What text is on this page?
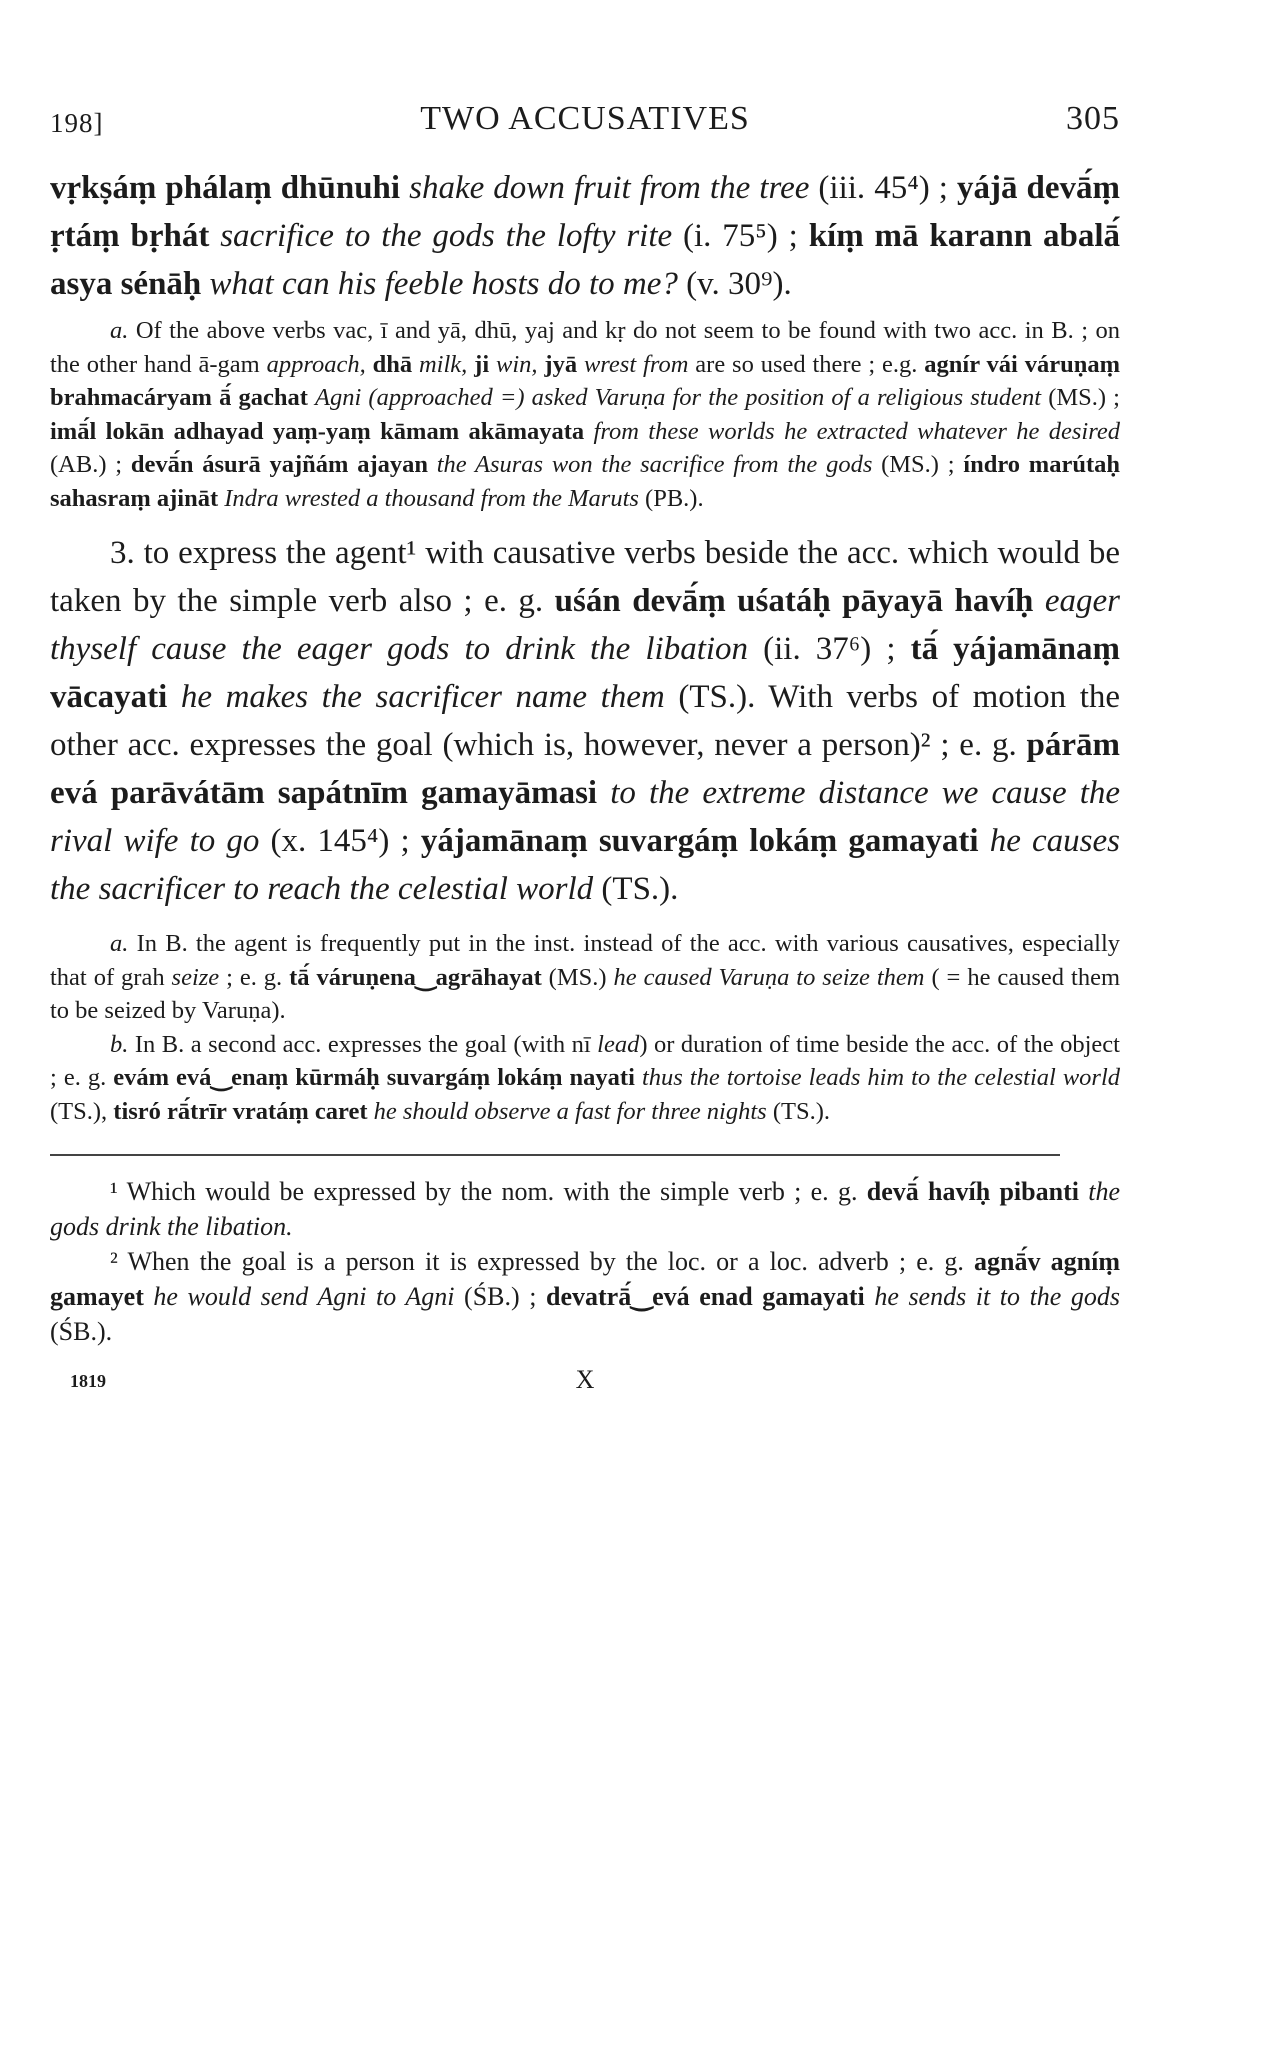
198]	TWO ACCUSATIVES	305

vṛkṣáṃ phálaṃ dhūnuhi shake down fruit from the tree (iii. 45⁴) ; yájā devā́ṃ ṛtáṃ bṛhát sacrifice to the gods the lofty rite (i. 75⁵) ; kíṃ mā karann abalā́ asya sénāḥ what can his feeble hosts do to me? (v. 30⁹).

a. Of the above verbs vac, ī and yā, dhū, yaj and kṛ do not seem to be found with two acc. in B. ; on the other hand ā-gam approach, dhā milk, ji win, jyā wrest from are so used there ; e.g. agnír vái váruṇaṃ brahmacáryam ā́ gachat Agni (approached =) asked Varuṇa for the position of a religious student (MS.) ; imā́l lokān adhayad yaṃ-yaṃ kāmam akāmayata from these worlds he extracted whatever he desired (AB.) ; devā́n ásurā yajñám ajayan the Asuras won the sacrifice from the gods (MS.) ; índro marútaḥ sahasraṃ ajināt Indra wrested a thousand from the Maruts (PB.).

3. to express the agent¹ with causative verbs beside the acc. which would be taken by the simple verb also ; e. g. uśán devā́ṃ uśatáḥ pāyayā havíḥ eager thyself cause the eager gods to drink the libation (ii. 37⁶) ; tā́ yájamānaṃ vācayati he makes the sacrificer name them (TS.). With verbs of motion the other acc. expresses the goal (which is, however, never a person)² ; e. g. párām evá parāvátām sapátnīm gamayāmasi to the extreme distance we cause the rival wife to go (x. 145⁴) ; yájamānaṃ suvargáṃ lokáṃ gamayati he causes the sacrificer to reach the celestial world (TS.).

a. In B. the agent is frequently put in the inst. instead of the acc. with various causatives, especially that of grah seize ; e. g. tā́ váruṇena‿agrāhayat (MS.) he caused Varuṇa to seize them ( = he caused them to be seized by Varuṇa).

b. In B. a second acc. expresses the goal (with nī lead) or duration of time beside the acc. of the object ; e. g. evám evá‿enaṃ kūrmáḥ suvargáṃ lokáṃ nayati thus the tortoise leads him to the celestial world (TS.), tisró rā́trīr vratáṃ caret he should observe a fast for three nights (TS.).

¹ Which would be expressed by the nom. with the simple verb ; e. g. devā́ havíḥ pibanti the gods drink the libation.

² When the goal is a person it is expressed by the loc. or a loc. adverb ; e. g. agnā́v agníṃ gamayet he would send Agni to Agni (ŚB.) ; devatrā́‿evá enad gamayati he sends it to the gods (ŚB.).

1819	X
